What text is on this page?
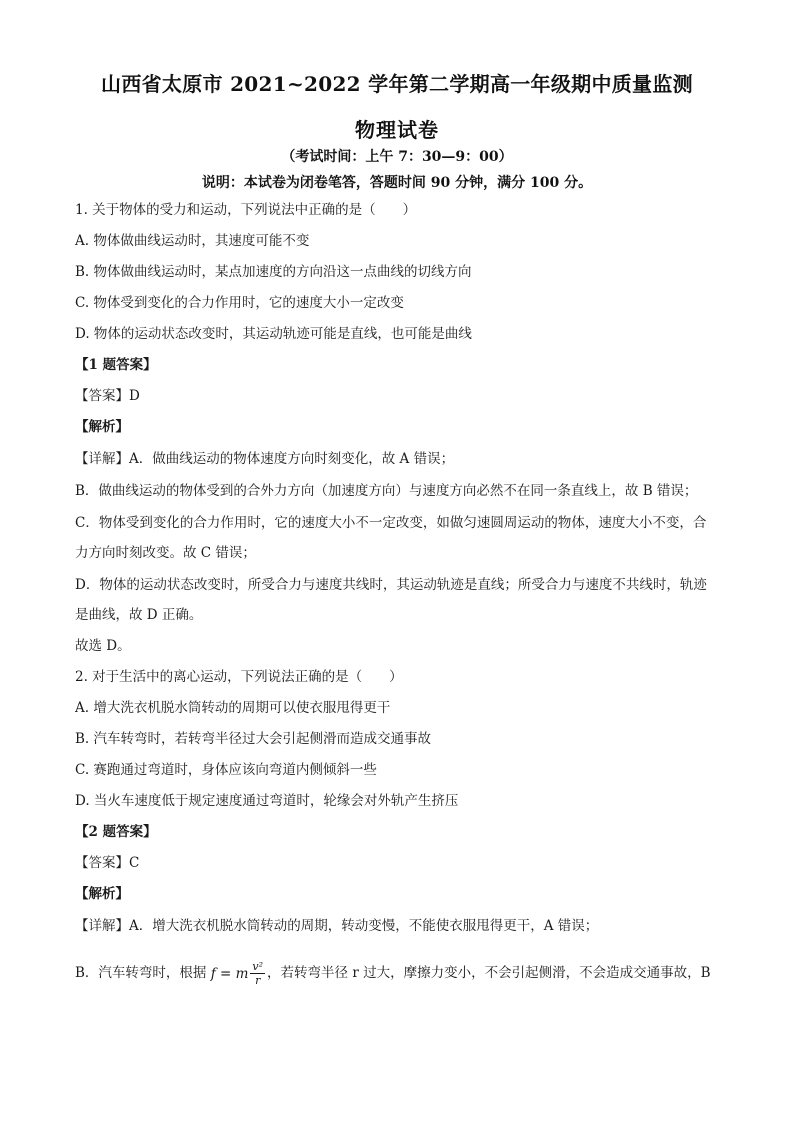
山西省太原市 2021~2022 学年第二学期高一年级期中质量监测
物理试卷
（考试时间：上午 7：30—9：00）
说明：本试卷为闭卷笔答，答题时间 90 分钟，满分 100 分。
1. 关于物体的受力和运动，下列说法中正确的是（　　）
A. 物体做曲线运动时，其速度可能不变
B. 物体做曲线运动时，某点加速度的方向沿这一点曲线的切线方向
C. 物体受到变化的合力作用时，它的速度大小一定改变
D. 物体的运动状态改变时，其运动轨迹可能是直线，也可能是曲线
【1 题答案】
【答案】D
【解析】
【详解】A．做曲线运动的物体速度方向时刻变化，故 A 错误；
B．做曲线运动的物体受到的合外力方向（加速度方向）与速度方向必然不在同一条直线上，故 B 错误；
C．物体受到变化的合力作用时，它的速度大小不一定改变，如做匀速圆周运动的物体，速度大小不变，合
力方向时刻改变。故 C 错误；
D．物体的运动状态改变时，所受合力与速度共线时，其运动轨迹是直线；所受合力与速度不共线时，轨迹
是曲线，故 D 正确。
故选 D。
2. 对于生活中的离心运动，下列说法正确的是（　　）
A. 增大洗衣机脱水筒转动的周期可以使衣服甩得更干
B. 汽车转弯时，若转弯半径过大会引起侧滑而造成交通事故
C. 赛跑通过弯道时，身体应该向弯道内侧倾斜一些
D. 当火车速度低于规定速度通过弯道时，轮缘会对外轨产生挤压
【2 题答案】
【答案】C
【解析】
【详解】A．增大洗衣机脱水筒转动的周期，转动变慢，不能使衣服甩得更干，A 错误；
B．汽车转弯时，根据 f = m $\frac{\text{v²}}{r}$ ，若转弯半径 r 过大，摩擦力变小，不会引起侧滑，不会造成交通事故，B
